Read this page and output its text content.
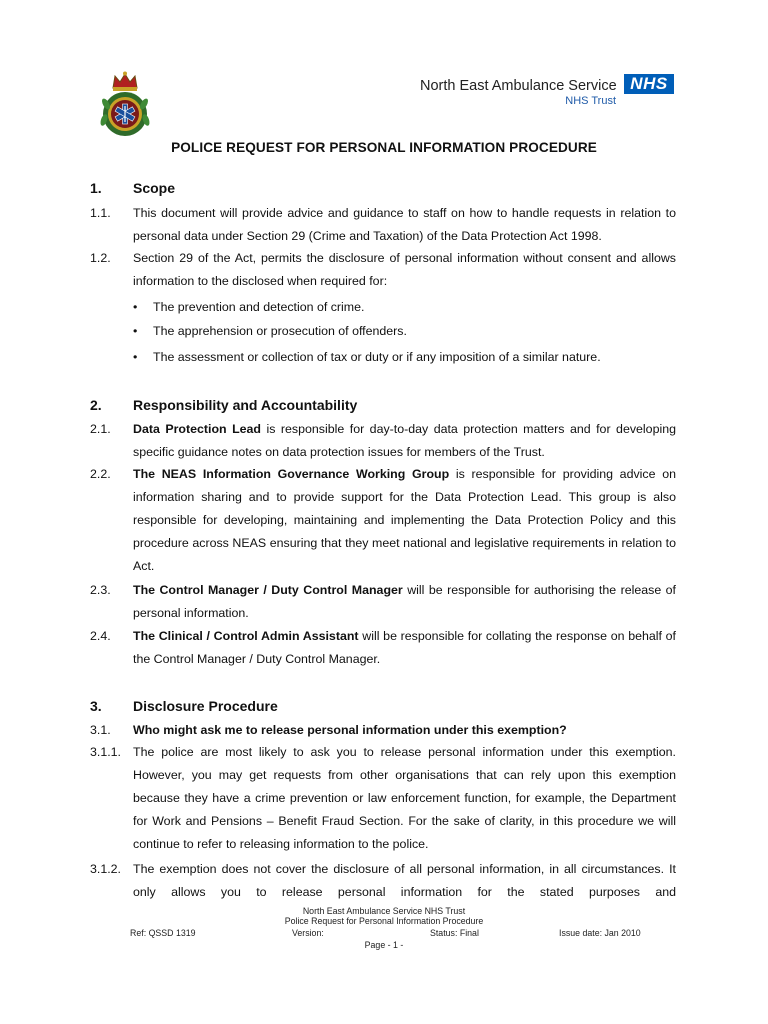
North East Ambulance Service
NHS Trust
NHS
POLICE REQUEST FOR PERSONAL INFORMATION PROCEDURE
1. Scope
1.1. This document will provide advice and guidance to staff on how to handle requests in relation to personal data under Section 29 (Crime and Taxation) of the Data Protection Act 1998.
1.2. Section 29 of the Act, permits the disclosure of personal information without consent and allows information to the disclosed when required for:
• The prevention and detection of crime.
• The apprehension or prosecution of offenders.
• The assessment or collection of tax or duty or if any imposition of a similar nature.
2. Responsibility and Accountability
2.1. Data Protection Lead is responsible for day-to-day data protection matters and for developing specific guidance notes on data protection issues for members of the Trust.
2.2. The NEAS Information Governance Working Group is responsible for providing advice on information sharing and to provide support for the Data Protection Lead. This group is also responsible for developing, maintaining and implementing the Data Protection Policy and this procedure across NEAS ensuring that they meet national and legislative requirements in relation to Act.
2.3. The Control Manager / Duty Control Manager will be responsible for authorising the release of personal information.
2.4. The Clinical / Control Admin Assistant will be responsible for collating the response on behalf of the Control Manager / Duty Control Manager.
3. Disclosure Procedure
3.1. Who might ask me to release personal information under this exemption?
3.1.1. The police are most likely to ask you to release personal information under this exemption. However, you may get requests from other organisations that can rely upon this exemption because they have a crime prevention or law enforcement function, for example, the Department for Work and Pensions – Benefit Fraud Section. For the sake of clarity, in this procedure we will continue to refer to releasing information to the police.
3.1.2. The exemption does not cover the disclosure of all personal information, in all circumstances. It only allows you to release personal information for the stated purposes and
North East Ambulance Service NHS Trust
Police Request for Personal Information Procedure
Ref: QSSD 1319	Version:	Status: Final	Issue date: Jan 2010
Page - 1 -
